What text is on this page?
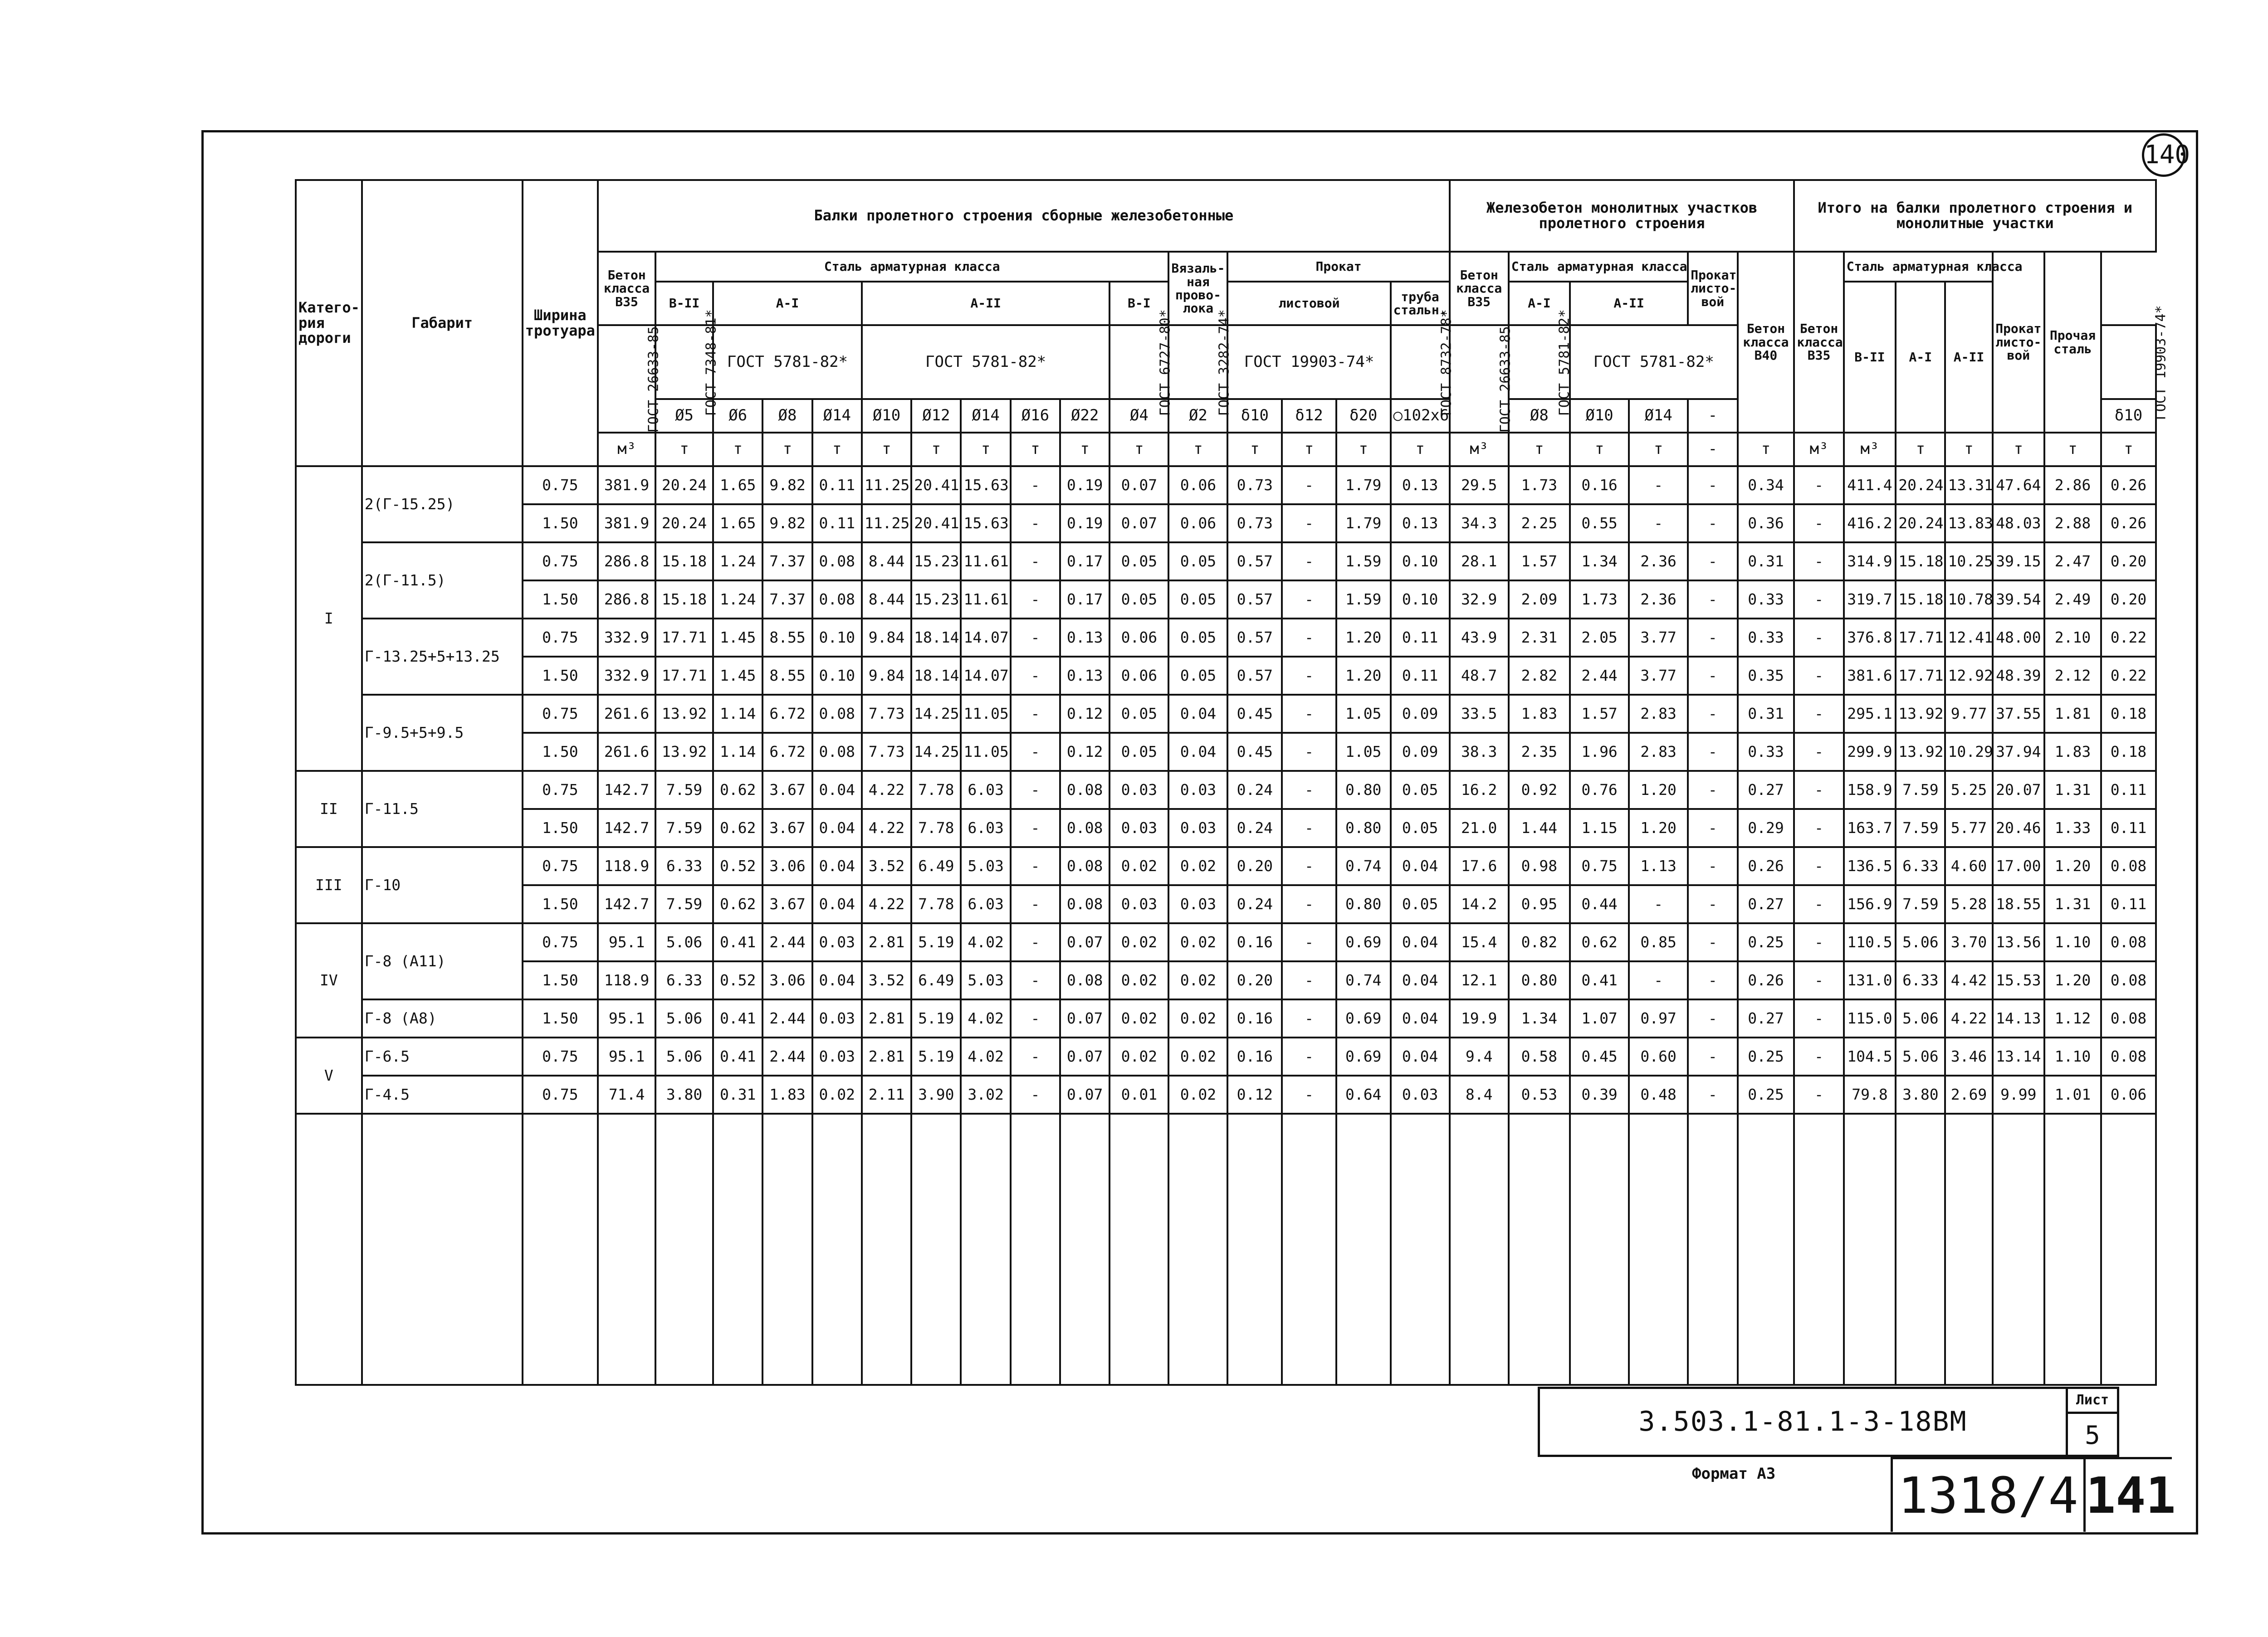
140
Катего-рия дороги	Габарит	Ширина тротуара	Балки пролетного строения сборные железобетонные																Железобетон монолитных участков пролетного строения						Итого на балки пролетного строения и монолитные участки						
			Бетон класса В35	Сталь арматурная класса										Вязаль-ная прово-лока	Прокат				Бетон класса В35	Сталь арматурная класса			Прокат листо-вой	Бетон класса В40	Бетон класса В35	Сталь арматурная класса			Прокат листо-вой	Прочая сталь	
				В-II	А-I			А-II					В-I		листовой			труба стальн.		А-I	А-II					В-II	А-I	А-II			
			ГОСТ 26633-85	ГОСТ 7348-81*	ГОСТ 5781-82*			ГОСТ 5781-82*					ГОСТ 6727-80*	ГОСТ 3282-74*	ГОСТ 19903-74*			ГОСТ 8732-78*	ГОСТ 26633-85	ГОСТ 5781-82*	ГОСТ 5781-82*										ГОСТ 19903-74*
				Ø5	Ø6	Ø8	Ø14	Ø10	Ø12	Ø14	Ø16	Ø22	Ø4	Ø2	δ10	δ12	δ20	○102х6		Ø8	Ø10	Ø14	-								δ10
			м³	т	т	т	т	т	т	т	т	т	т	т	т	т	т	т	м³	т	т	т	-	т	м³	м³	т	т	т	т	т
I	2(Г-15.25)	0.75	381.9	20.24	1.65	9.82	0.11	11.25	20.41	15.63	-	0.19	0.07	0.06	0.73	-	1.79	0.13	29.5	1.73	0.16	-	-	0.34	-	411.4	20.24	13.31	47.64	2.86	0.26
		1.50	381.9	20.24	1.65	9.82	0.11	11.25	20.41	15.63	-	0.19	0.07	0.06	0.73	-	1.79	0.13	34.3	2.25	0.55	-	-	0.36	-	416.2	20.24	13.83	48.03	2.88	0.26
	2(Г-11.5)	0.75	286.8	15.18	1.24	7.37	0.08	8.44	15.23	11.61	-	0.17	0.05	0.05	0.57	-	1.59	0.10	28.1	1.57	1.34	2.36	-	0.31	-	314.9	15.18	10.25	39.15	2.47	0.20
		1.50	286.8	15.18	1.24	7.37	0.08	8.44	15.23	11.61	-	0.17	0.05	0.05	0.57	-	1.59	0.10	32.9	2.09	1.73	2.36	-	0.33	-	319.7	15.18	10.78	39.54	2.49	0.20
	Г-13.25+5+13.25	0.75	332.9	17.71	1.45	8.55	0.10	9.84	18.14	14.07	-	0.13	0.06	0.05	0.57	-	1.20	0.11	43.9	2.31	2.05	3.77	-	0.33	-	376.8	17.71	12.41	48.00	2.10	0.22
		1.50	332.9	17.71	1.45	8.55	0.10	9.84	18.14	14.07	-	0.13	0.06	0.05	0.57	-	1.20	0.11	48.7	2.82	2.44	3.77	-	0.35	-	381.6	17.71	12.92	48.39	2.12	0.22
	Г-9.5+5+9.5	0.75	261.6	13.92	1.14	6.72	0.08	7.73	14.25	11.05	-	0.12	0.05	0.04	0.45	-	1.05	0.09	33.5	1.83	1.57	2.83	-	0.31	-	295.1	13.92	9.77	37.55	1.81	0.18
		1.50	261.6	13.92	1.14	6.72	0.08	7.73	14.25	11.05	-	0.12	0.05	0.04	0.45	-	1.05	0.09	38.3	2.35	1.96	2.83	-	0.33	-	299.9	13.92	10.29	37.94	1.83	0.18
II	Г-11.5	0.75	142.7	7.59	0.62	3.67	0.04	4.22	7.78	6.03	-	0.08	0.03	0.03	0.24	-	0.80	0.05	16.2	0.92	0.76	1.20	-	0.27	-	158.9	7.59	5.25	20.07	1.31	0.11
		1.50	142.7	7.59	0.62	3.67	0.04	4.22	7.78	6.03	-	0.08	0.03	0.03	0.24	-	0.80	0.05	21.0	1.44	1.15	1.20	-	0.29	-	163.7	7.59	5.77	20.46	1.33	0.11
III	Г-10	0.75	118.9	6.33	0.52	3.06	0.04	3.52	6.49	5.03	-	0.08	0.02	0.02	0.20	-	0.74	0.04	17.6	0.98	0.75	1.13	-	0.26	-	136.5	6.33	4.60	17.00	1.20	0.08
		1.50	142.7	7.59	0.62	3.67	0.04	4.22	7.78	6.03	-	0.08	0.03	0.03	0.24	-	0.80	0.05	14.2	0.95	0.44	-	-	0.27	-	156.9	7.59	5.28	18.55	1.31	0.11
IV	Г-8 (А11)	0.75	95.1	5.06	0.41	2.44	0.03	2.81	5.19	4.02	-	0.07	0.02	0.02	0.16	-	0.69	0.04	15.4	0.82	0.62	0.85	-	0.25	-	110.5	5.06	3.70	13.56	1.10	0.08
		1.50	118.9	6.33	0.52	3.06	0.04	3.52	6.49	5.03	-	0.08	0.02	0.02	0.20	-	0.74	0.04	12.1	0.80	0.41	-	-	0.26	-	131.0	6.33	4.42	15.53	1.20	0.08
	Г-8 (А8)	1.50	95.1	5.06	0.41	2.44	0.03	2.81	5.19	4.02	-	0.07	0.02	0.02	0.16	-	0.69	0.04	19.9	1.34	1.07	0.97	-	0.27	-	115.0	5.06	4.22	14.13	1.12	0.08
V	Г-6.5	0.75	95.1	5.06	0.41	2.44	0.03	2.81	5.19	4.02	-	0.07	0.02	0.02	0.16	-	0.69	0.04	9.4	0.58	0.45	0.60	-	0.25	-	104.5	5.06	3.46	13.14	1.10	0.08
	Г-4.5	0.75	71.4	3.80	0.31	1.83	0.02	2.11	3.90	3.02	-	0.07	0.01	0.02	0.12	-	0.64	0.03	8.4	0.53	0.39	0.48	-	0.25	-	79.8	3.80	2.69	9.99	1.01	0.06

3.503.1-81.1-3-18ВМ
Лист
5
Формат А3 1318/4 141
